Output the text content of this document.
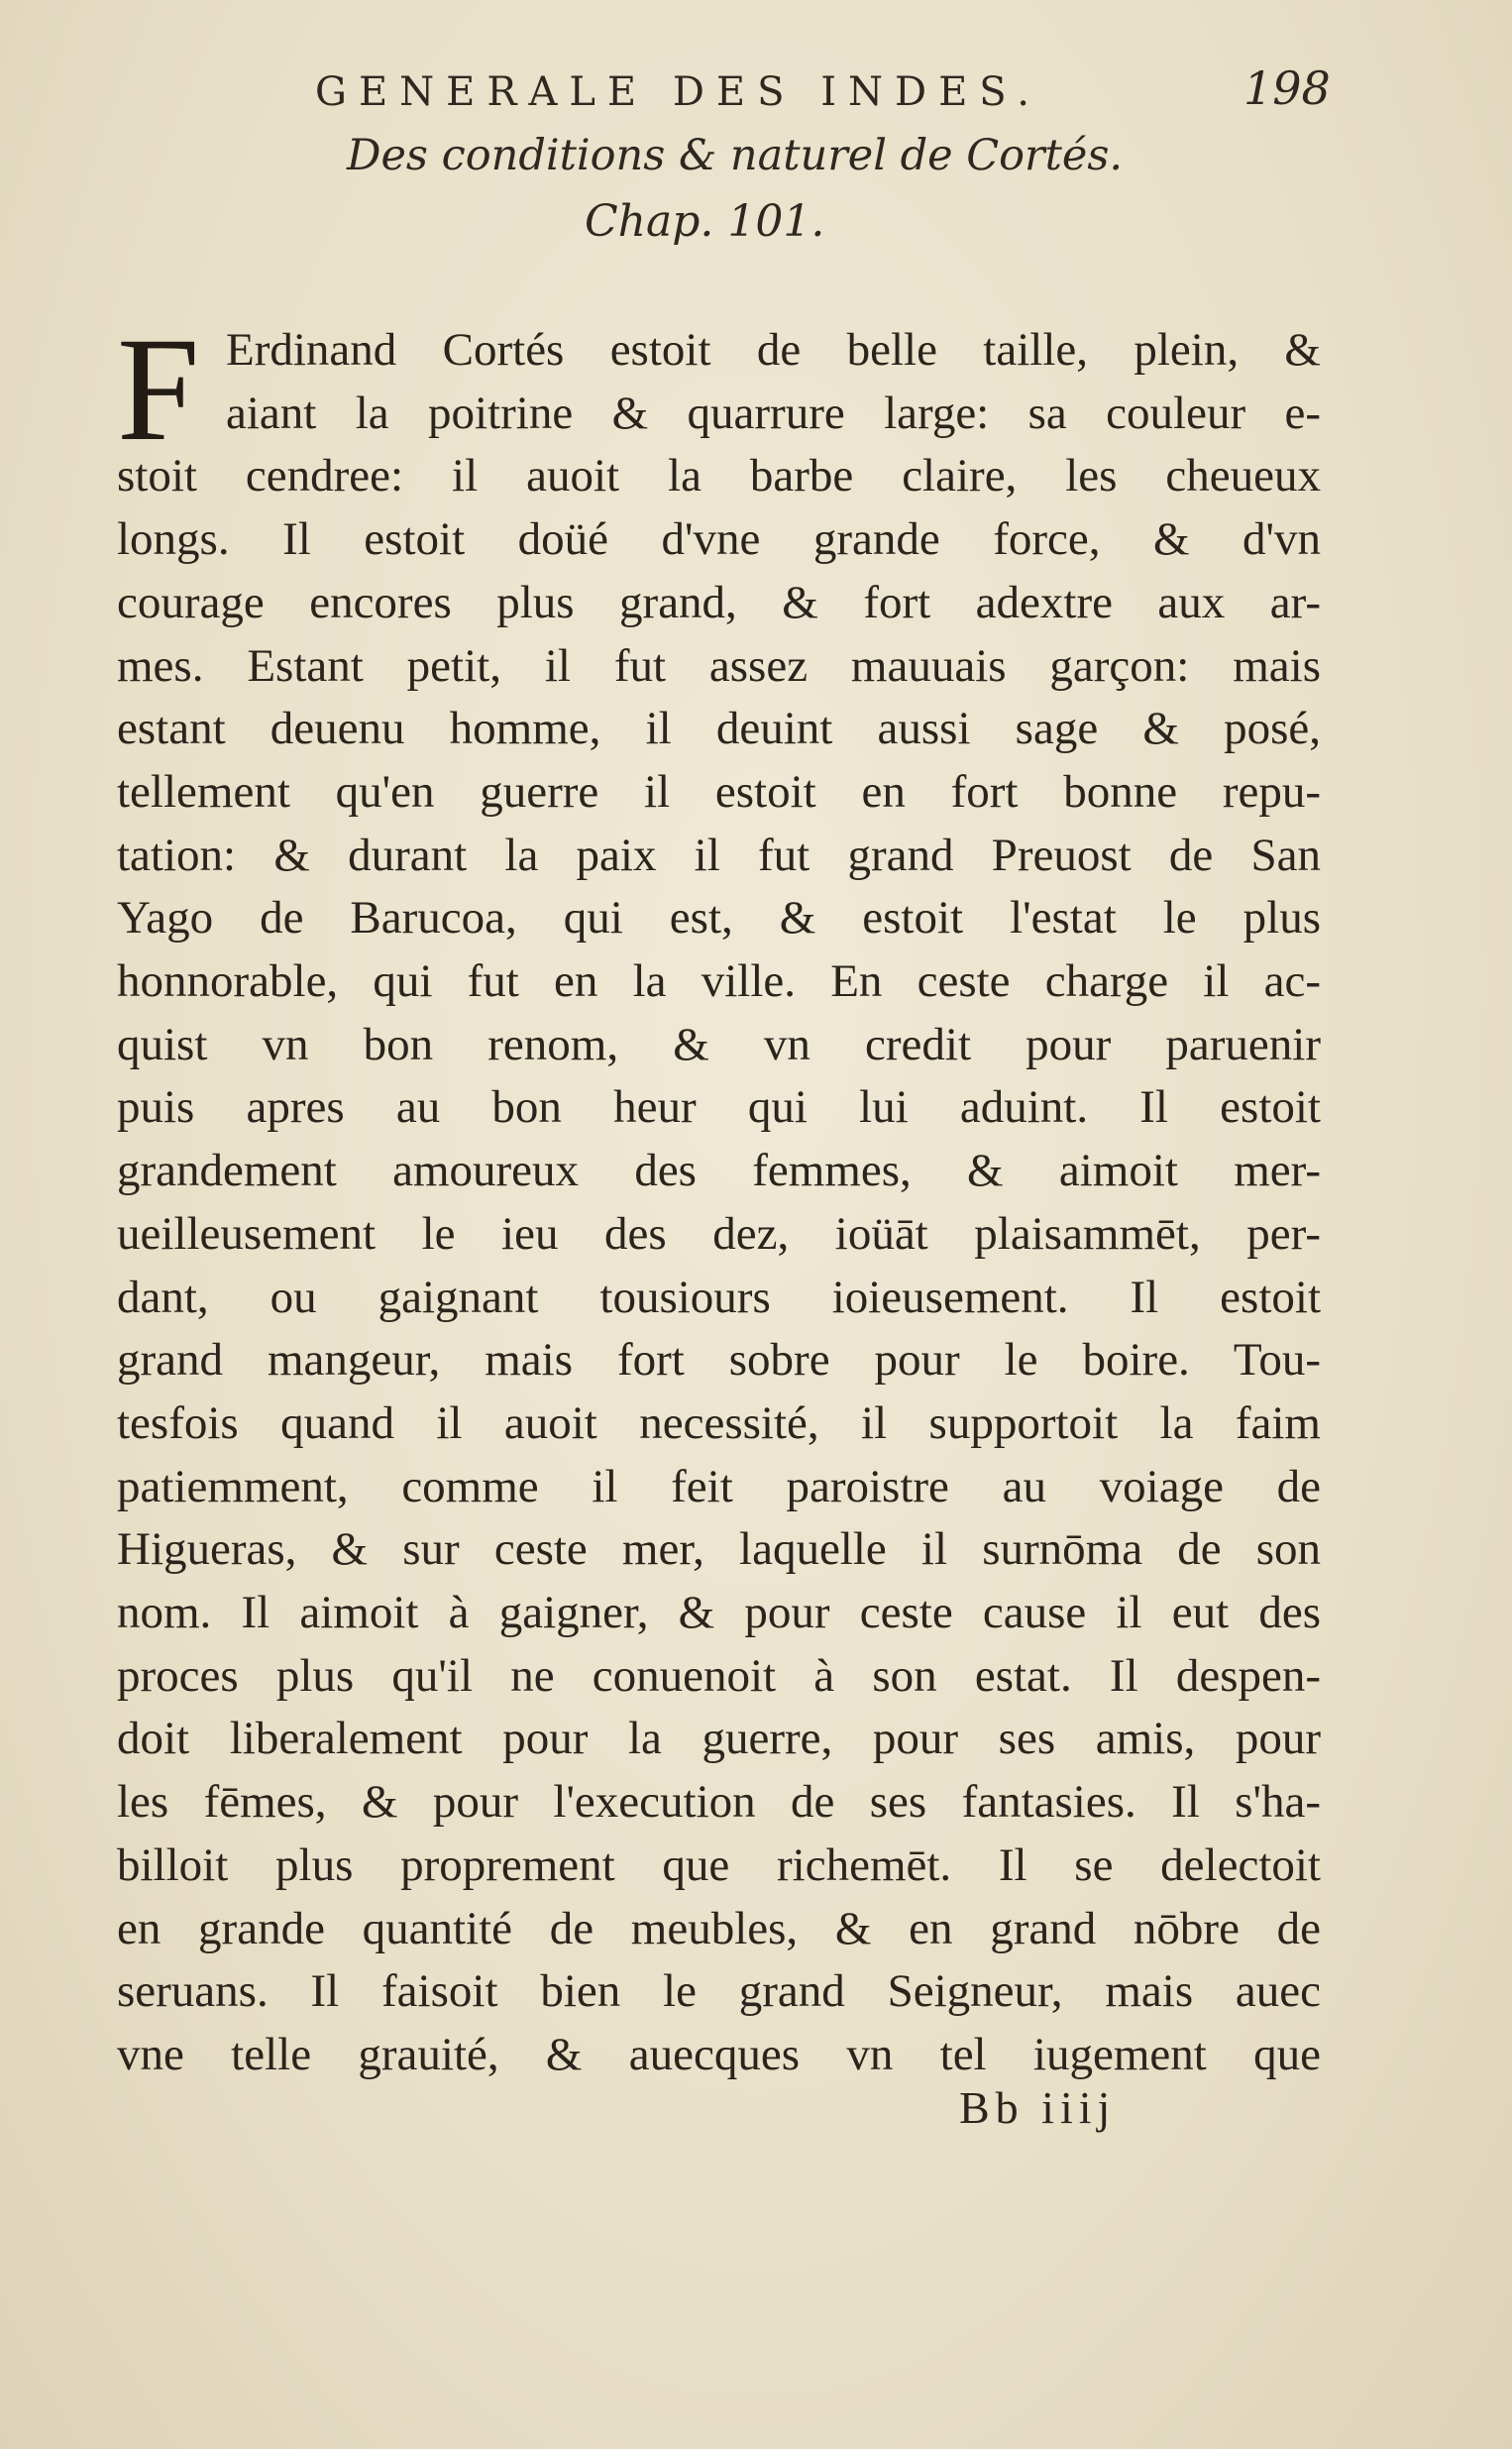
GENERALE DES INDES.	198
Des conditions & naturel de Cortés.
Chap. 101.
F Erdinand Cortés estoit de belle taille, plein, &
aiant la poitrine & quarrure large: sa couleur e-
stoit cendree: il auoit la barbe claire, les cheueux
longs. Il estoit doüé d'vne grande force, & d'vn
courage encores plus grand, & fort adextre aux ar-
mes. Estant petit, il fut assez mauuais garçon: mais
estant deuenu homme, il deuint aussi sage & posé,
tellement qu'en guerre il estoit en fort bonne repu-
tation: & durant la paix il fut grand Preuost de San
Yago de Barucoa, qui est, & estoit l'estat le plus
honnorable, qui fut en la ville. En ceste charge il ac-
quist vn bon renom, & vn credit pour paruenir
puis apres au bon heur qui lui aduint. Il estoit
grandement amoureux des femmes, & aimoit mer-
ueilleusement le ieu des dez, ioüāt plaisammēt, per-
dant, ou gaignant tousiours ioieusement. Il estoit
grand mangeur, mais fort sobre pour le boire. Tou-
tesfois quand il auoit necessité, il supportoit la faim
patiemment, comme il feit paroistre au voiage de
Higueras, & sur ceste mer, laquelle il surnōma de son
nom. Il aimoit à gaigner, & pour ceste cause il eut des
proces plus qu'il ne conuenoit à son estat. Il despen-
doit liberalement pour la guerre, pour ses amis, pour
les fēmes, & pour l'execution de ses fantasies. Il s'ha-
billoit plus proprement que richemēt. Il se delectoit
en grande quantité de meubles, & en grand nōbre de
seruans. Il faisoit bien le grand Seigneur, mais auec
vne telle grauité, & auecques vn tel iugement que
Bb iiij
